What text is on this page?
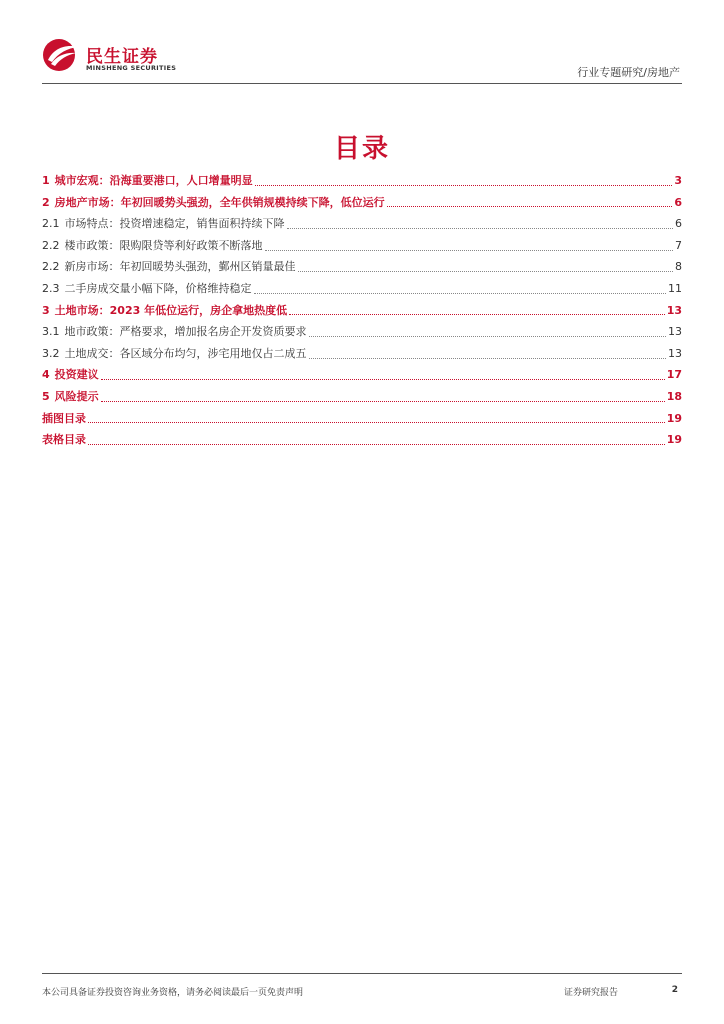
民生证券
MINSHENG SECURITIES	行业专题研究/房地产
目录
1 城市宏观：沿海重要港口，人口增量明显	3
2 房地产市场：年初回暖势头强劲，全年供销规模持续下降，低位运行	6
2.1 市场特点：投资增速稳定，销售面积持续下降	6
2.2 楼市政策：限购限贷等利好政策不断落地	7
2.2 新房市场：年初回暖势头强劲，鄞州区销量最佳	8
2.3 二手房成交量小幅下降，价格维持稳定	11
3 土地市场：2023 年低位运行，房企拿地热度低	13
3.1 地市政策：严格要求，增加报名房企开发资质要求	13
3.2 土地成交：各区域分布均匀，涉宅用地仅占二成五	13
4 投资建议	17
5 风险提示	18
插图目录	19
表格目录	19
本公司具备证券投资咨询业务资格，请务必阅读最后一页免责声明	证券研究报告	2
